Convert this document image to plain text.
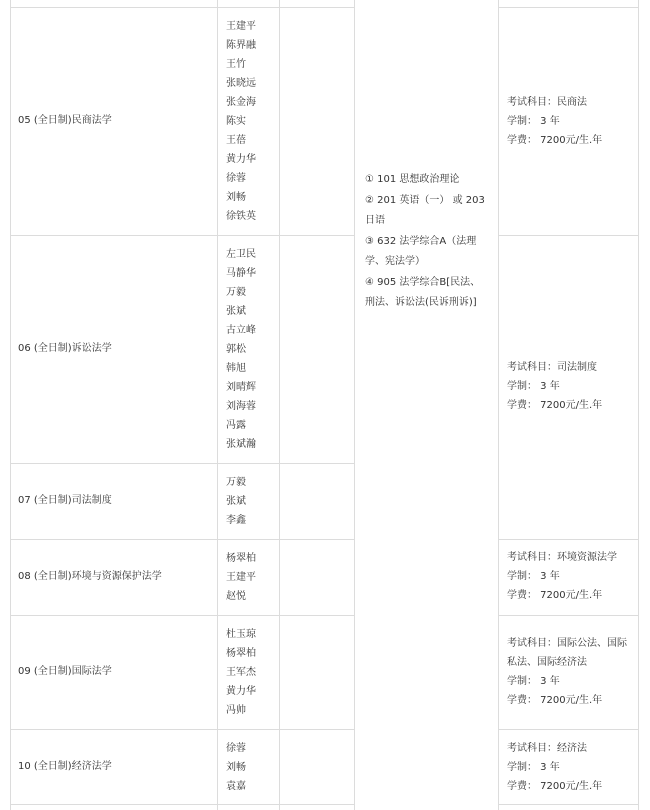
05 (全日制)民商法学
王建平
陈界融
王竹
张晓远
张金海
陈实
王蓓
黄力华
徐蓉
刘畅
徐铁英
06 (全日制)诉讼法学
左卫民
马静华
万毅
张斌
古立峰
郭松
韩旭
刘晴辉
刘海蓉
冯露
张斌瀚
07 (全日制)司法制度
万毅
张斌
李鑫
08 (全日制)环境与资源保护法学
杨翠柏
王建平
赵悦
09 (全日制)国际法学
杜玉琼
杨翠柏
王军杰
黄力华
冯帅
10 (全日制)经济法学
徐蓉
刘畅
袁嘉
① 101 思想政治理论
② 201 英语（一） 或 203 日语
③ 632 法学综合A（法理学、宪法学）
④ 905 法学综合B[民法、刑法、诉讼法(民诉刑诉)]
考试科目：民商法
学制： 3 年
学费： 7200元/生.年
考试科目：司法制度
学制： 3 年
学费： 7200元/生.年
考试科目：环境资源法学
学制： 3 年
学费： 7200元/生.年
考试科目：国际公法、国际
私法、国际经济法
学制： 3 年
学费： 7200元/生.年
考试科目：经济法
学制： 3 年
学费： 7200元/生.年
